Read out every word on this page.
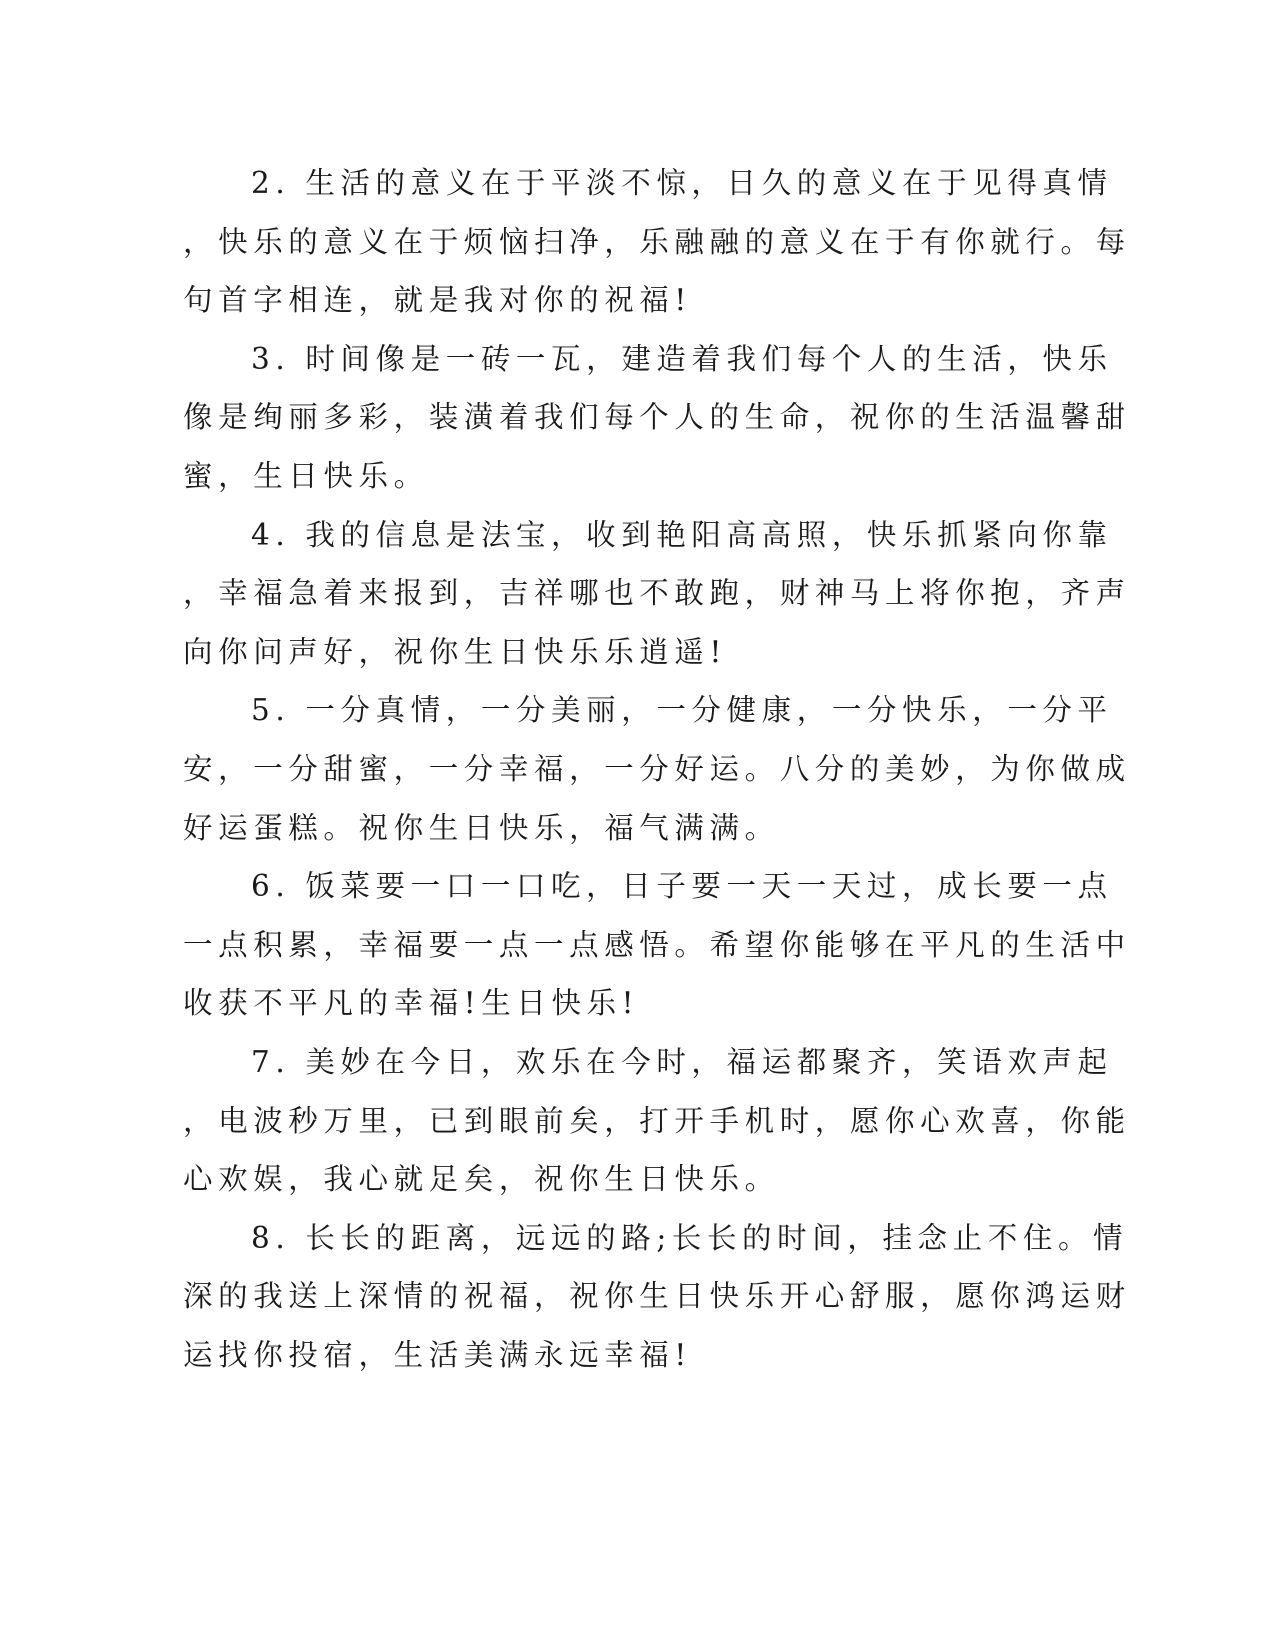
2. 生活的意义在于平淡不惊，日久的意义在于见得真情
，快乐的意义在于烦恼扫净，乐融融的意义在于有你就行。每
句首字相连，就是我对你的祝福!

3. 时间像是一砖一瓦，建造着我们每个人的生活，快乐
像是绚丽多彩，装潢着我们每个人的生命，祝你的生活温馨甜
蜜，生日快乐。

4. 我的信息是法宝，收到艳阳高高照，快乐抓紧向你靠
，幸福急着来报到，吉祥哪也不敢跑，财神马上将你抱，齐声
向你问声好，祝你生日快乐乐逍遥!

5. 一分真情，一分美丽，一分健康，一分快乐，一分平
安，一分甜蜜，一分幸福，一分好运。八分的美妙，为你做成
好运蛋糕。祝你生日快乐，福气满满。

6. 饭菜要一口一口吃，日子要一天一天过，成长要一点
一点积累，幸福要一点一点感悟。希望你能够在平凡的生活中
收获不平凡的幸福!生日快乐!

7. 美妙在今日，欢乐在今时，福运都聚齐，笑语欢声起
，电波秒万里，已到眼前矣，打开手机时，愿你心欢喜，你能
心欢娱，我心就足矣，祝你生日快乐。

8. 长长的距离，远远的路;长长的时间，挂念止不住。情
深的我送上深情的祝福，祝你生日快乐开心舒服，愿你鸿运财
运找你投宿，生活美满永远幸福!
